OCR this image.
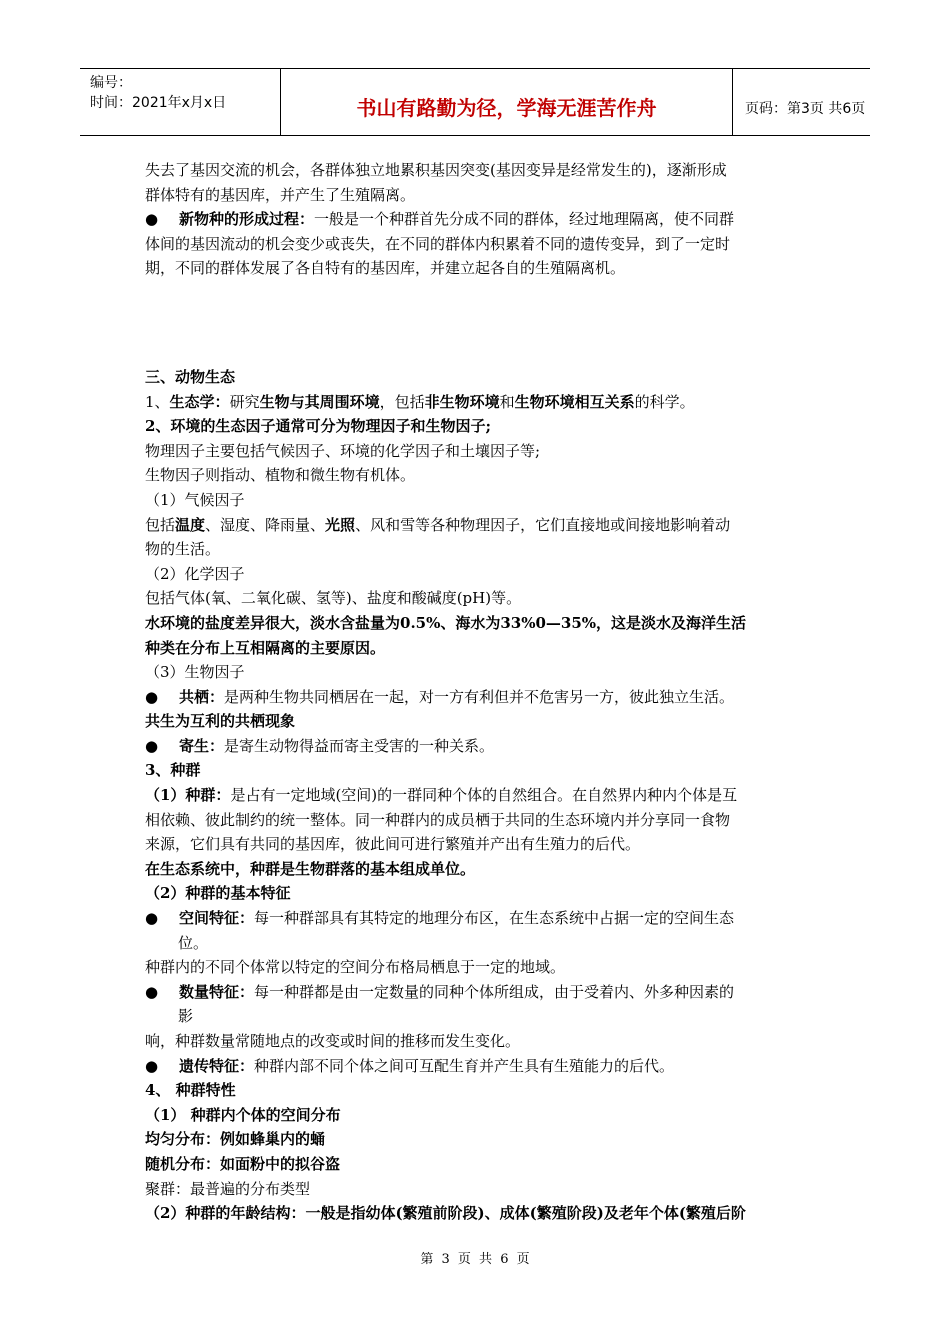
编号：
时间：2021年x月x日	书山有路勤为径，学海无涯苦作舟	页码：第3页 共6页
失去了基因交流的机会，各群体独立地累积基因突变(基因变异是经常发生的)，逐渐形成
群体特有的基因库，并产生了生殖隔离。
● 新物种的形成过程：一般是一个种群首先分成不同的群体，经过地理隔离，使不同群
体间的基因流动的机会变少或丧失，在不同的群体内积累着不同的遗传变异，到了一定时
期，不同的群体发展了各自特有的基因库，并建立起各自的生殖隔离机。
三、动物生态
1、生态学：研究生物与其周围环境，包括非生物环境和生物环境相互关系的科学。
2、环境的生态因子通常可分为物理因子和生物因子;
物理因子主要包括气候因子、环境的化学因子和土壤因子等;
生物因子则指动、植物和微生物有机体。
（1）气候因子
包括温度、湿度、降雨量、光照、风和雪等各种物理因子，它们直接地或间接地影响着动
物的生活。
（2）化学因子
包括气体(氧、二氧化碳、氢等)、盐度和酸碱度(pH)等。
水环境的盐度差异很大，淡水含盐量为0.5%、海水为33%0—35%，这是淡水及海洋生活
种类在分布上互相隔离的主要原因。
（3）生物因子
● 共栖：是两种生物共同栖居在一起，对一方有利但并不危害另一方，彼此独立生活。
共生为互利的共栖现象
● 寄生：是寄生动物得益而寄主受害的一种关系。
3、种群
（1）种群：是占有一定地域(空间)的一群同种个体的自然组合。在自然界内种内个体是互
相依赖、彼此制约的统一整体。同一种群内的成员栖于共同的生态环境内并分享同一食物
来源，它们具有共同的基因库，彼此间可进行繁殖并产出有生殖力的后代。
在生态系统中，种群是生物群落的基本组成单位。
（2）种群的基本特征
● 空间特征：每一种群部具有其特定的地理分布区，在生态系统中占据一定的空间生态
位。
种群内的不同个体常以特定的空间分布格局栖息于一定的地域。
● 数量特征：每一种群都是由一定数量的同种个体所组成，由于受着内、外多种因素的
影
响，种群数量常随地点的改变或时间的推移而发生变化。
● 遗传特征：种群内部不同个体之间可互配生育并产生具有生殖能力的后代。
4、 种群特性
（1） 种群内个体的空间分布
均匀分布：例如蜂巢内的蛹
随机分布：如面粉中的拟谷盗
聚群：最普遍的分布类型
（2）种群的年龄结构：一般是指幼体(繁殖前阶段)、成体(繁殖阶段)及老年个体(繁殖后阶
第 3 页 共 6 页
